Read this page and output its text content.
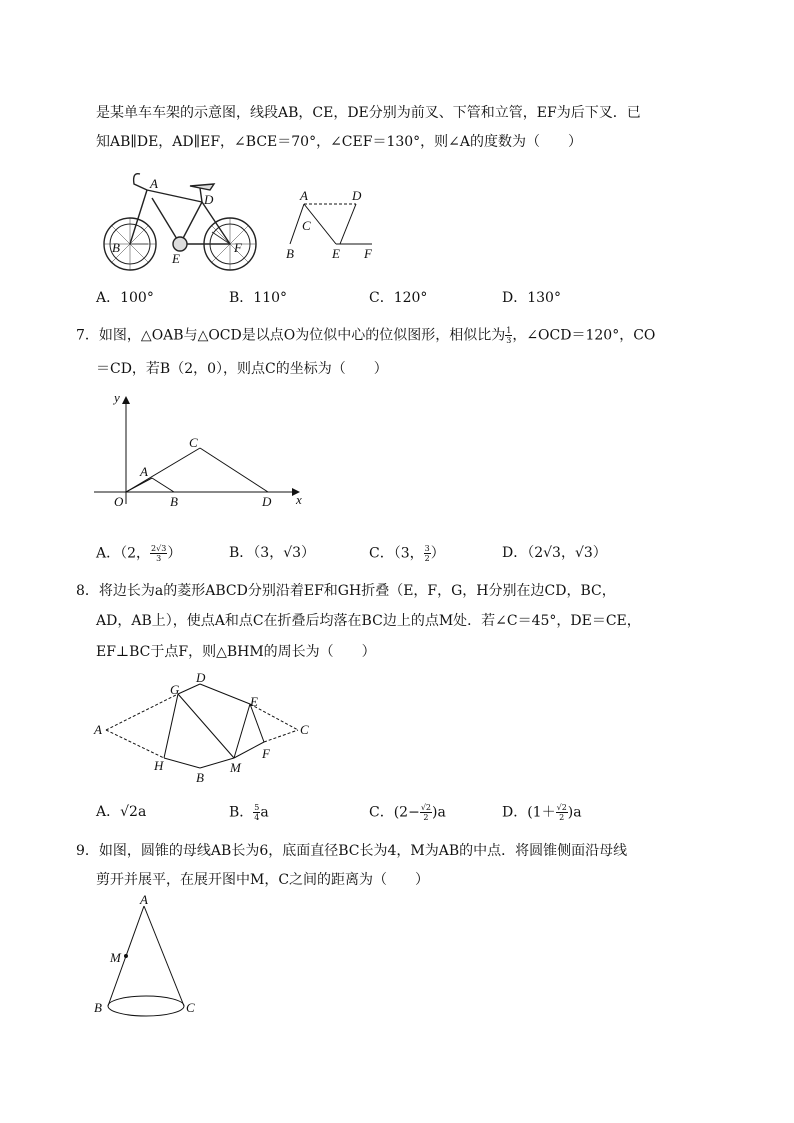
是某单车车架的示意图，线段AB，CE，DE分别为前叉、下管和立管，EF为后下叉．已
知AB∥DE，AD∥EF，∠BCE＝70°，∠CEF＝130°，则∠A的度数为（　　）
A
D
B
E
F
A	D
C
B	E F
A．100°	B．110°	C．120°	D．130°
7．如图，△OAB与△OCD是以点O为位似中心的位似图形，相似比为 $\frac{1}{3}$ ，∠OCD＝120°，CO
＝CD，若B（2，0），则点C的坐标为（　　）
y
x
O
A
B
C
D
A．（2， $\frac{2√3}{3}$ ）	B．（3，√3）	C．（3， $\frac{3}{2}$ ）	D．（2√3，√3）
8．将边长为a的菱形ABCD分别沿着EF和GH折叠（E，F，G，H分别在边CD，BC，
AD，AB上），使点A和点C在折叠后均落在BC边上的点M处．若∠C＝45°，DE＝CE，
EF⊥BC于点F，则△BHM的周长为（　　）
G
D
E
A	C
H
B
M
F
A．√2a	B． $\frac{5}{4}$ a	C．$(2- \frac{√2}{2} )a$	D．$(1+ \frac{√2}{2} )a$
9．如图，圆锥的母线AB长为6，底面直径BC长为4，M为AB的中点．将圆锥侧面沿母线
剪开并展平，在展开图中M，C之间的距离为（　　）
A
M
B	C
